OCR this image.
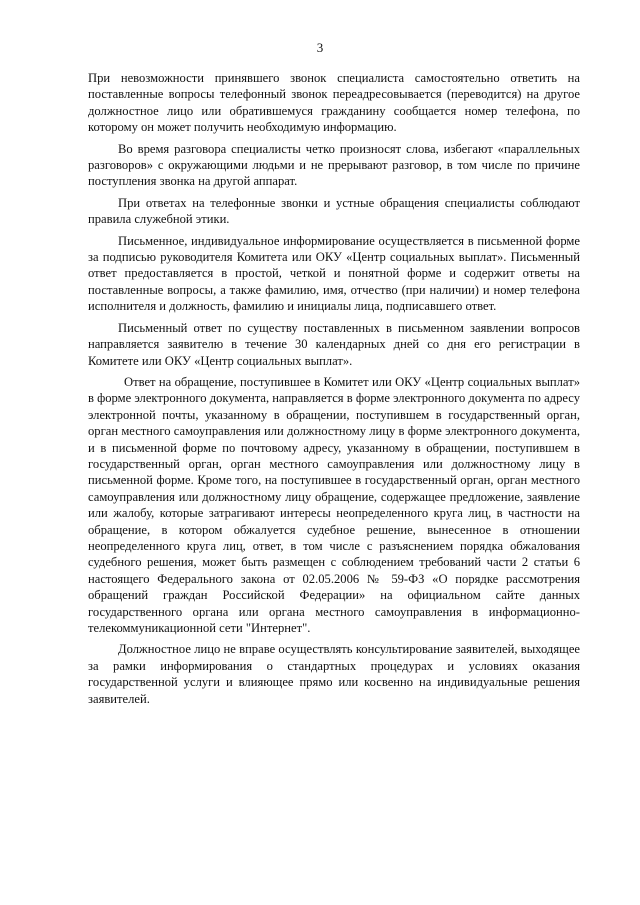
3

При невозможности принявшего звонок специалиста самостоятельно ответить на поставленные вопросы телефонный звонок переадресовывается (переводится) на другое должностное лицо или обратившемуся гражданину сообщается номер телефона, по которому он может получить необходимую информацию.

Во время разговора специалисты четко произносят слова, избегают «параллельных разговоров» с окружающими людьми и не прерывают разговор, в том числе по причине поступления звонка на другой аппарат.

При ответах на телефонные звонки и устные обращения специалисты соблюдают правила служебной этики.

Письменное, индивидуальное информирование осуществляется в письменной форме за подписью руководителя Комитета или ОКУ «Центр социальных выплат». Письменный ответ предоставляется в простой, четкой и понятной форме и содержит ответы на поставленные вопросы, а также фамилию, имя, отчество (при наличии) и номер телефона исполнителя и должность, фамилию и инициалы лица, подписавшего ответ.

Письменный ответ по существу поставленных в письменном заявлении вопросов направляется заявителю в течение 30 календарных дней со дня его регистрации в Комитете или ОКУ «Центр социальных выплат».

Ответ на обращение, поступившее в Комитет или ОКУ «Центр социальных выплат» в форме электронного документа, направляется в форме электронного документа по адресу электронной почты, указанному в обращении, поступившем в государственный орган, орган местного самоуправления или должностному лицу в форме электронного документа, и в письменной форме по почтовому адресу, указанному в обращении, поступившем в государственный орган, орган местного самоуправления или должностному лицу в письменной форме. Кроме того, на поступившее в государственный орган, орган местного самоуправления или должностному лицу обращение, содержащее предложение, заявление или жалобу, которые затрагивают интересы неопределенного круга лиц, в частности на обращение, в котором обжалуется судебное решение, вынесенное в отношении неопределенного круга лиц, ответ, в том числе с разъяснением порядка обжалования судебного решения, может быть размещен с соблюдением требований части 2 статьи 6 настоящего Федерального закона от 02.05.2006 № 59-ФЗ «О порядке рассмотрения обращений граждан Российской Федерации» на официальном сайте данных государственного органа или органа местного самоуправления в информационно-телекоммуникационной сети "Интернет".

Должностное лицо не вправе осуществлять консультирование заявителей, выходящее за рамки информирования о стандартных процедурах и условиях оказания государственной услуги и влияющее прямо или косвенно на индивидуальные решения заявителей.
